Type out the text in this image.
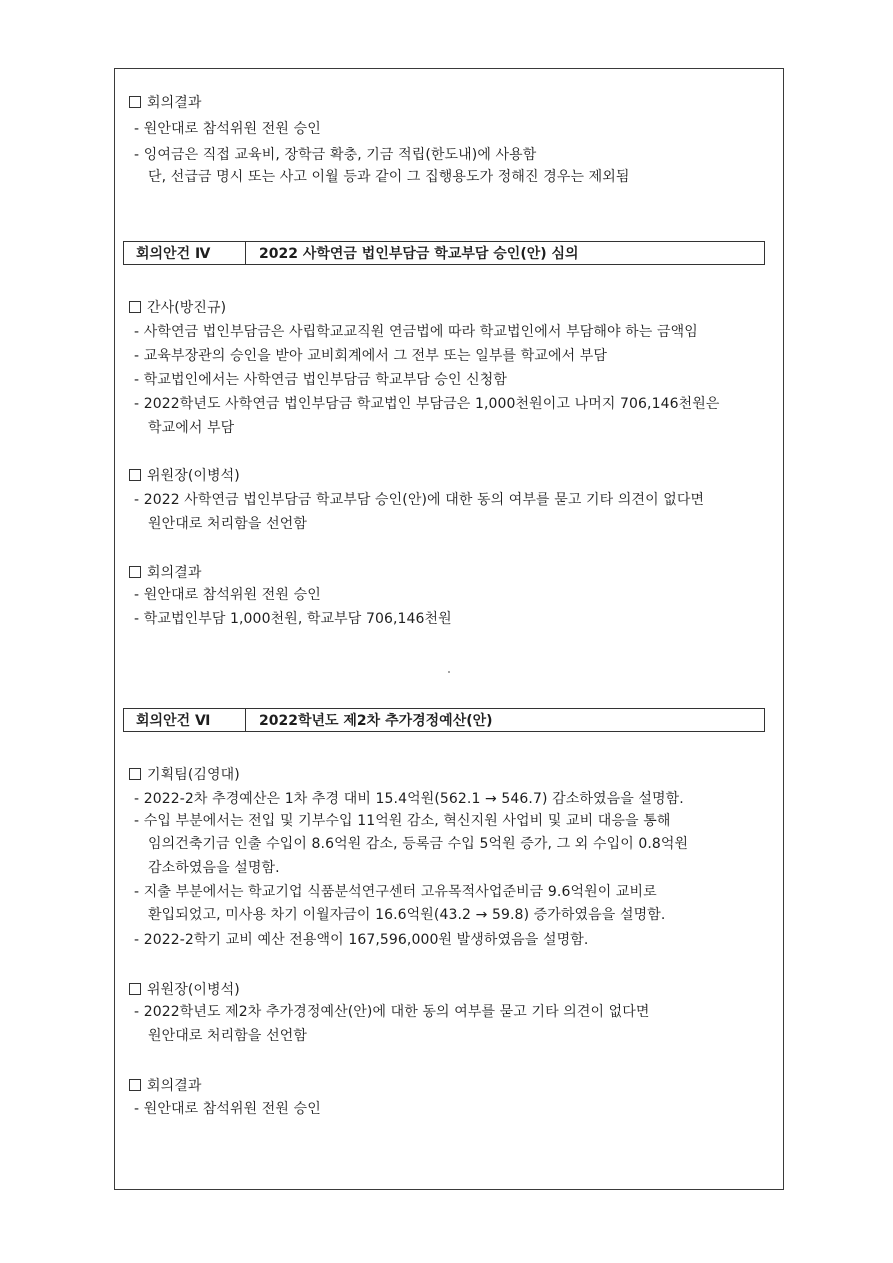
회의결과
- 원안대로 참석위원 전원 승인
- 잉여금은 직접 교육비, 장학금 확충, 기금 적립(한도내)에 사용함
단, 선급금 명시 또는 사고 이월 등과 같이 그 집행용도가 정해진 경우는 제외됨
회의안건 Ⅳ	2022 사학연금 법인부담금 학교부담 승인(안) 심의
간사(방진규)
- 사학연금 법인부담금은 사립학교교직원 연금법에 따라 학교법인에서 부담해야 하는 금액임
- 교육부장관의 승인을 받아 교비회계에서 그 전부 또는 일부를 학교에서 부담
- 학교법인에서는 사학연금 법인부담금 학교부담 승인 신청함
- 2022학년도 사학연금 법인부담금 학교법인 부담금은 1,000천원이고 나머지 706,146천원은
학교에서 부담
위원장(이병석)
- 2022 사학연금 법인부담금 학교부담 승인(안)에 대한 동의 여부를 묻고 기타 의견이 없다면
원안대로 처리함을 선언함
회의결과
- 원안대로 참석위원 전원 승인
- 학교법인부담 1,000천원, 학교부담 706,146천원
회의안건 Ⅵ	2022학년도 제2차 추가경정예산(안)
기획팀(김영대)
- 2022-2차 추경예산은 1차 추경 대비 15.4억원(562.1 → 546.7) 감소하였음을 설명함.
- 수입 부분에서는 전입 및 기부수입 11억원 감소, 혁신지원 사업비 및 교비 대응을 통해
임의건축기금 인출 수입이 8.6억원 감소, 등록금 수입 5억원 증가, 그 외 수입이 0.8억원
감소하였음을 설명함.
- 지출 부분에서는 학교기업 식품분석연구센터 고유목적사업준비금 9.6억원이 교비로
환입되었고, 미사용 차기 이월자금이 16.6억원(43.2 → 59.8) 증가하였음을 설명함.
- 2022-2학기 교비 예산 전용액이 167,596,000원 발생하였음을 설명함.
위원장(이병석)
- 2022학년도 제2차 추가경정예산(안)에 대한 동의 여부를 묻고 기타 의견이 없다면
원안대로 처리함을 선언함
회의결과
- 원안대로 참석위원 전원 승인
